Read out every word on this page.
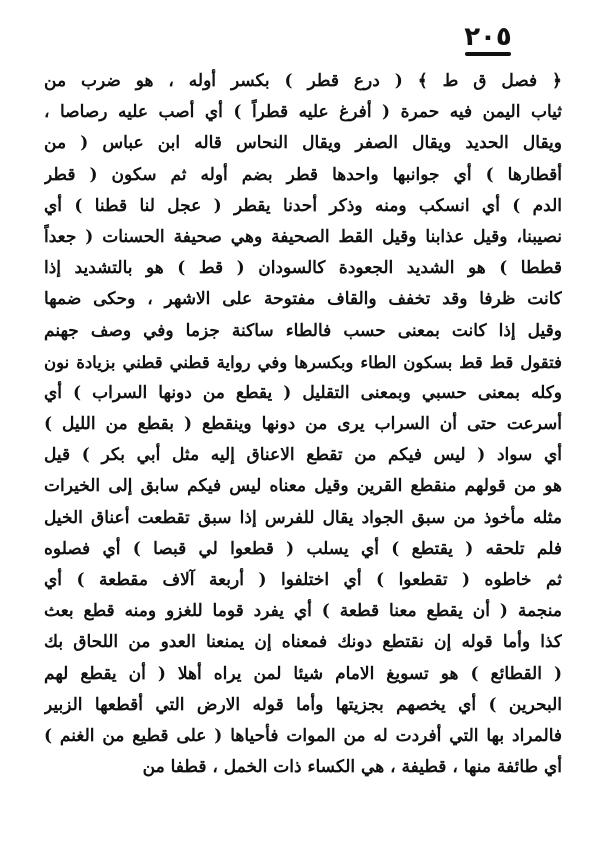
٢٠٥
﴿ فصل ق ط ﴾ ( درع قطر ) بكسر أوله ، هو ضرب من
ثياب اليمن فيه حمرة ( أفرغ عليه قطراً ) أي أصب عليه رصاصا ،
ويقال الحديد ويقال الصفر ويقال النحاس قاله ابن عباس ( من
أقطارها ) أي جوانبها واحدها قطر بضم أوله ثم سكون ( قطر
الدم ) أي انسكب ومنه وذكر أحدنا يقطر ( عجل لنا قطنا ) أي
نصيبنا، وقيل عذابنا وقيل القط الصحيفة وهي صحيفة الحسنات ( جعداً
قططا ) هو الشديد الجعودة كالسودان ( قط ) هو بالتشديد إذا
كانت ظرفا وقد تخفف والقاف مفتوحة على الاشهر ، وحكى ضمها
وقيل إذا كانت بمعنى حسب فالطاء ساكنة جزما وفي وصف جهنم
فتقول قط قط بسكون الطاء وبكسرها وفي رواية قطني قطني بزيادة نون
وكله بمعنى حسبي وبمعنى التقليل ( يقطع من دونها السراب ) أي
أسرعت حتى أن السراب يرى من دونها وينقطع ( بقطع من الليل )
أي سواد ( ليس فيكم من تقطع الاعناق إليه مثل أبي بكر ) قيل
هو من قولهم منقطع القرين وقيل معناه ليس فيكم سابق إلى الخيرات
مثله مأخوذ من سبق الجواد يقال للفرس إذا سبق تقطعت أعناق الخيل
فلم تلحقه ( يقتطع ) أي يسلب ( قطعوا لي قبصا ) أي فصلوه
ثم خاطوه ( تقطعوا ) أي اختلفوا ( أربعة آلاف مقطعة ) أي
منجمة ( أن يقطع معنا قطعة ) أي يفرد قوما للغزو ومنه قطع بعث
كذا وأما قوله إن نقتطع دونك فمعناه إن يمنعنا العدو من اللحاق بك
( القطائع ) هو تسويغ الامام شيئا لمن يراه أهلا ( أن يقطع لهم
البحرين ) أي يخصهم بجزيتها وأما قوله الارض التي أقطعها الزبير
فالمراد بها التي أفردت له من الموات فأحياها ( على قطيع من الغنم )
أي طائفة منها ، قطيفة ، هي الكساء ذات الخمل ، قطفا من
